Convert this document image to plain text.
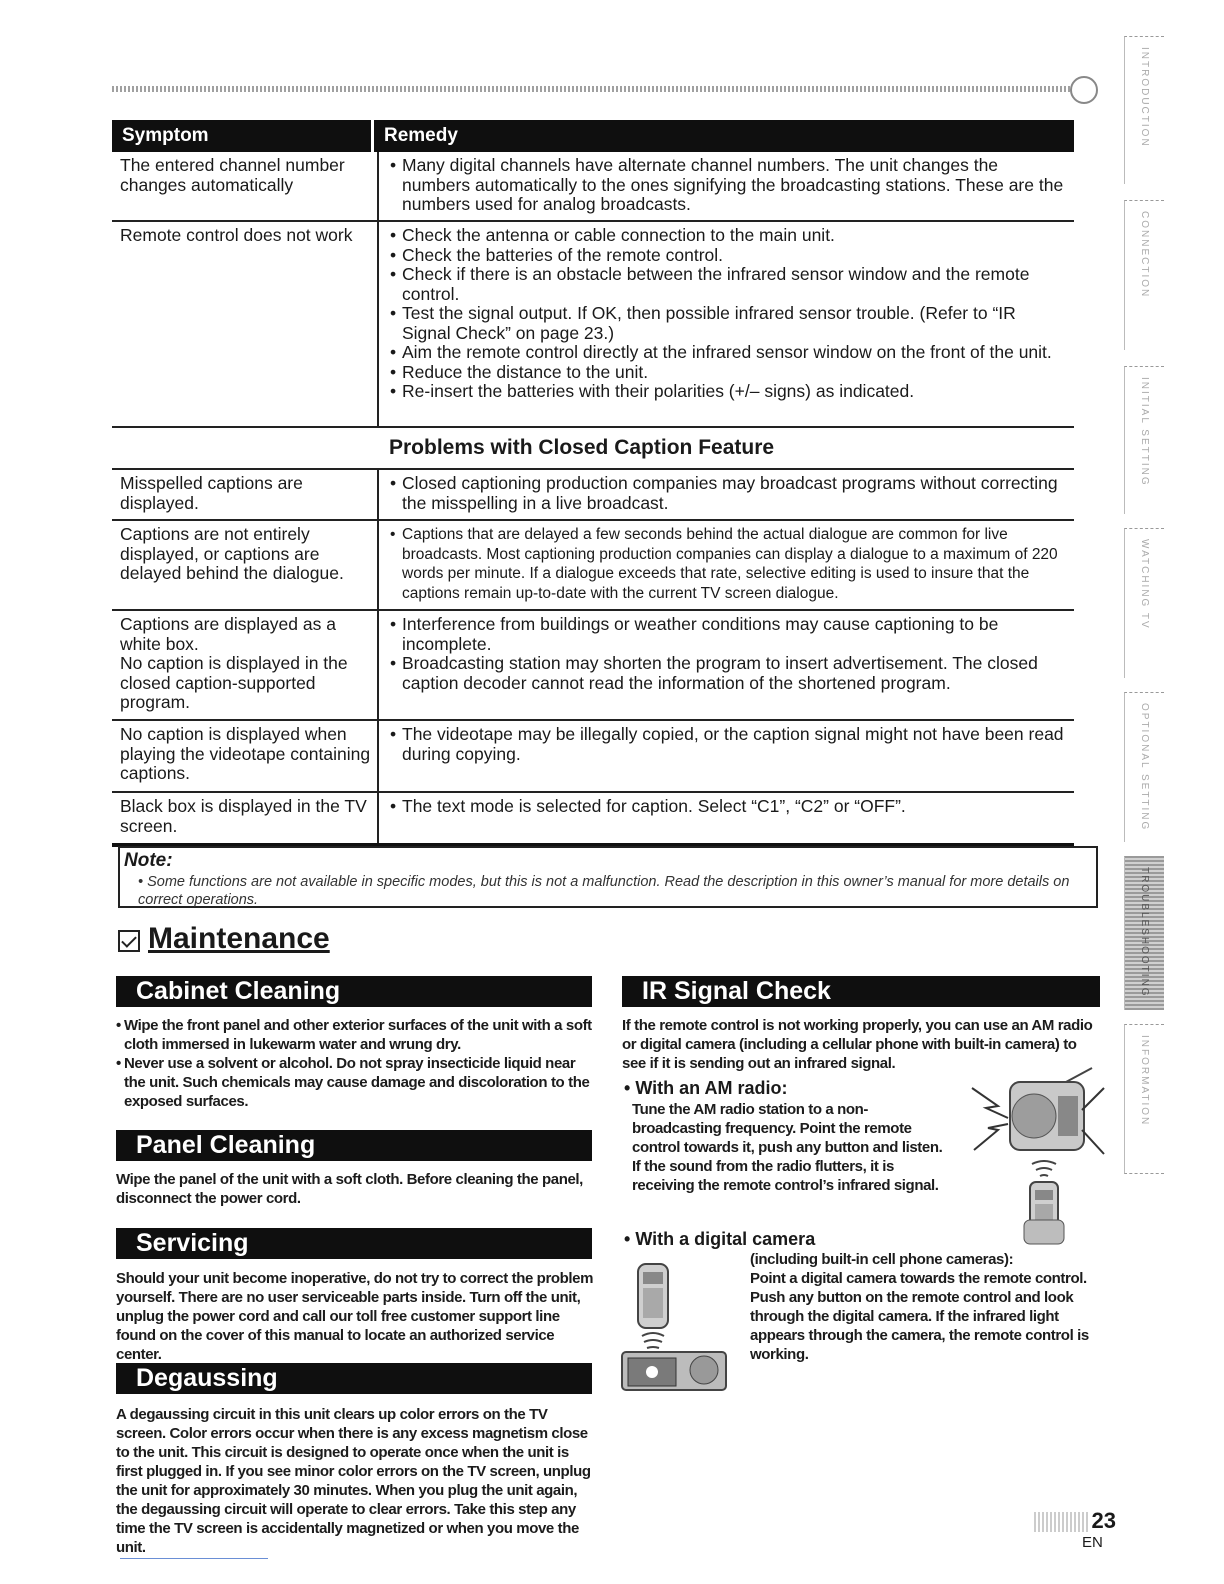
Symptom	Remedy
The entered channel number changes automatically
• Many digital channels have alternate channel numbers. The unit changes the numbers automatically to the ones signifying the broadcasting stations. These are the numbers used for analog broadcasts.
Remote control does not work
•	Check the antenna or cable connection to the main unit.
• Check the batteries of the remote control.
• Check if there is an obstacle between the infrared sensor window and the remote control.
• Test the signal output. If OK, then possible infrared sensor trouble. (Refer to “IR Signal Check” on page 23.)
• Aim the remote control directly at the infrared sensor window on the front of the unit.
• Reduce the distance to the unit.
• Re-insert the batteries with their polarities (+/– signs) as indicated.
Problems with Closed Caption Feature
Misspelled captions are displayed.
• Closed captioning production companies may broadcast programs without correcting the misspelling in a live broadcast.
Captions are not entirely displayed, or captions are delayed behind the dialogue.
• Captions that are delayed a few seconds behind the actual dialogue are common for live broadcasts. Most captioning production companies can display a dialogue to a maximum of 220 words per minute. If a dialogue exceeds that rate, selective editing is used to insure that the captions remain up-to-date with the current TV screen dialogue.
Captions are displayed as a white box.
No caption is displayed in the closed caption-supported program.
• Interference from buildings or weather conditions may cause captioning to be incomplete.
• Broadcasting station may shorten the program to insert advertisement. The closed caption decoder cannot read the information of the shortened program.
No caption is displayed when playing the videotape containing captions.
• The videotape may be illegally copied, or the caption signal might not have been read during copying.
Black box is displayed in the TV screen.
• The text mode is selected for caption. Select “C1”, “C2” or “OFF”.
Note:
• Some functions are not available in specific modes, but this is not a malfunction. Read the description in this owner’s manual for more details on correct operations.
Maintenance
Cabinet Cleaning
• Wipe the front panel and other exterior surfaces of the unit with a soft cloth immersed in lukewarm water and wrung dry.
• Never use a solvent or alcohol. Do not spray insecticide liquid near the unit. Such chemicals may cause damage and discoloration to the exposed surfaces.
Panel Cleaning
Wipe the panel of the unit with a soft cloth. Before cleaning the panel, disconnect the power cord.
Servicing
Should your unit become inoperative, do not try to correct the problem yourself. There are no user serviceable parts inside. Turn off the unit, unplug the power cord and call our toll free customer support line found on the cover of this manual to locate an authorized service center.
Degaussing
A degaussing circuit in this unit clears up color errors on the TV screen. Color errors occur when there is any excess magnetism close to the unit. This circuit is designed to operate once when the unit is first plugged in. If you see minor color errors on the TV screen, unplug the unit for approximately 30 minutes. When you plug the unit again, the degaussing circuit will operate to clear errors. Take this step any time the TV screen is accidentally magnetized or when you move the unit.
IR Signal Check
If the remote control is not working properly, you can use an AM radio or digital camera (including a cellular phone with built-in camera) to see if it is sending out an infrared signal.
• With an AM radio:
Tune the AM radio station to a non-broadcasting frequency. Point the remote control towards it, push any button and listen. If the sound from the radio flutters, it is receiving the remote control’s infrared signal.
• With a digital camera
(including built-in cell phone cameras):
Point a digital camera towards the remote control. Push any button on the remote control and look through the digital camera. If the infrared light appears through the camera, the remote control is working.
INTRODUCTION
CONNECTION
INITIAL SETTING
WATCHING TV
OPTIONAL SETTING
TROUBLESHOOTING
INFORMATION
23
EN
